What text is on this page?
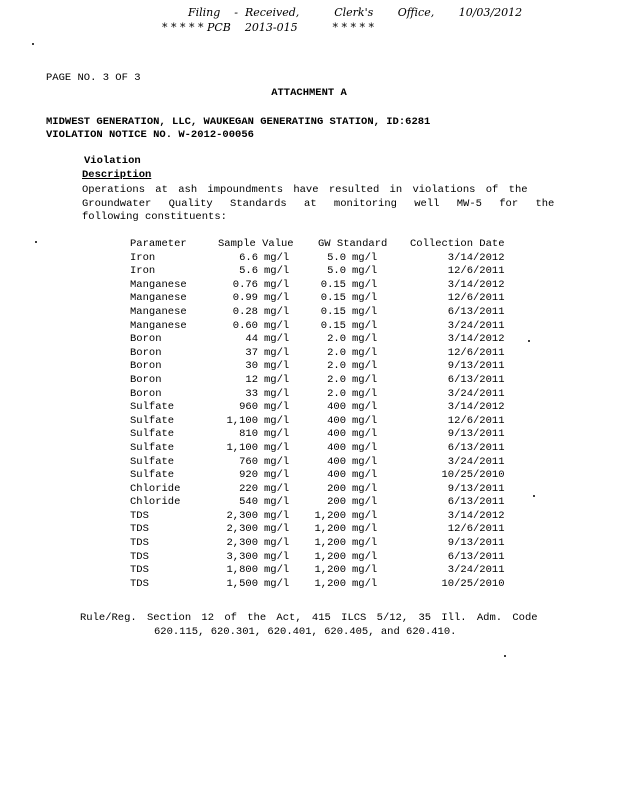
Filing    -  Received,          Clerk's       Office,       10/03/2012
* * * * * PCB    2013-015          * * * * *
PAGE NO. 3 OF 3
ATTACHMENT A
MIDWEST GENERATION, LLC, WAUKEGAN GENERATING STATION, ID:6281
VIOLATION NOTICE NO. W-2012-00056
Violation
Description
Operations at ash impoundments have resulted in violations of the
Groundwater Quality Standards at monitoring well MW-5 for the
following constituents:
Parameter	Sample Value		GW Standard		Collection Date
Iron	6.6	mg/l	5.0	mg/l	3/14/2012
Iron	5.6	mg/l	5.0	mg/l	12/6/2011
Manganese	0.76	mg/l	0.15	mg/l	3/14/2012
Manganese	0.99	mg/l	0.15	mg/l	12/6/2011
Manganese	0.28	mg/l	0.15	mg/l	6/13/2011
Manganese	0.60	mg/l	0.15	mg/l	3/24/2011
Boron	44	mg/l	2.0	mg/l	3/14/2012
Boron	37	mg/l	2.0	mg/l	12/6/2011
Boron	30	mg/l	2.0	mg/l	9/13/2011
Boron	12	mg/l	2.0	mg/l	6/13/2011
Boron	33	mg/l	2.0	mg/l	3/24/2011
Sulfate	960	mg/l	400	mg/l	3/14/2012
Sulfate	1,100	mg/l	400	mg/l	12/6/2011
Sulfate	810	mg/l	400	mg/l	9/13/2011
Sulfate	1,100	mg/l	400	mg/l	6/13/2011
Sulfate	760	mg/l	400	mg/l	3/24/2011
Sulfate	920	mg/l	400	mg/l	10/25/2010
Chloride	220	mg/l	200	mg/l	9/13/2011
Chloride	540	mg/l	200	mg/l	6/13/2011
TDS	2,300	mg/l	1,200	mg/l	3/14/2012
TDS	2,300	mg/l	1,200	mg/l	12/6/2011
TDS	2,300	mg/l	1,200	mg/l	9/13/2011
TDS	3,300	mg/l	1,200	mg/l	6/13/2011
TDS	1,800	mg/l	1,200	mg/l	3/24/2011
TDS	1,500	mg/l	1,200	mg/l	10/25/2010
Rule/Reg. Section 12 of the Act, 415 ILCS 5/12, 35 Ill. Adm. Code
620.115, 620.301, 620.401, 620.405, and 620.410.
